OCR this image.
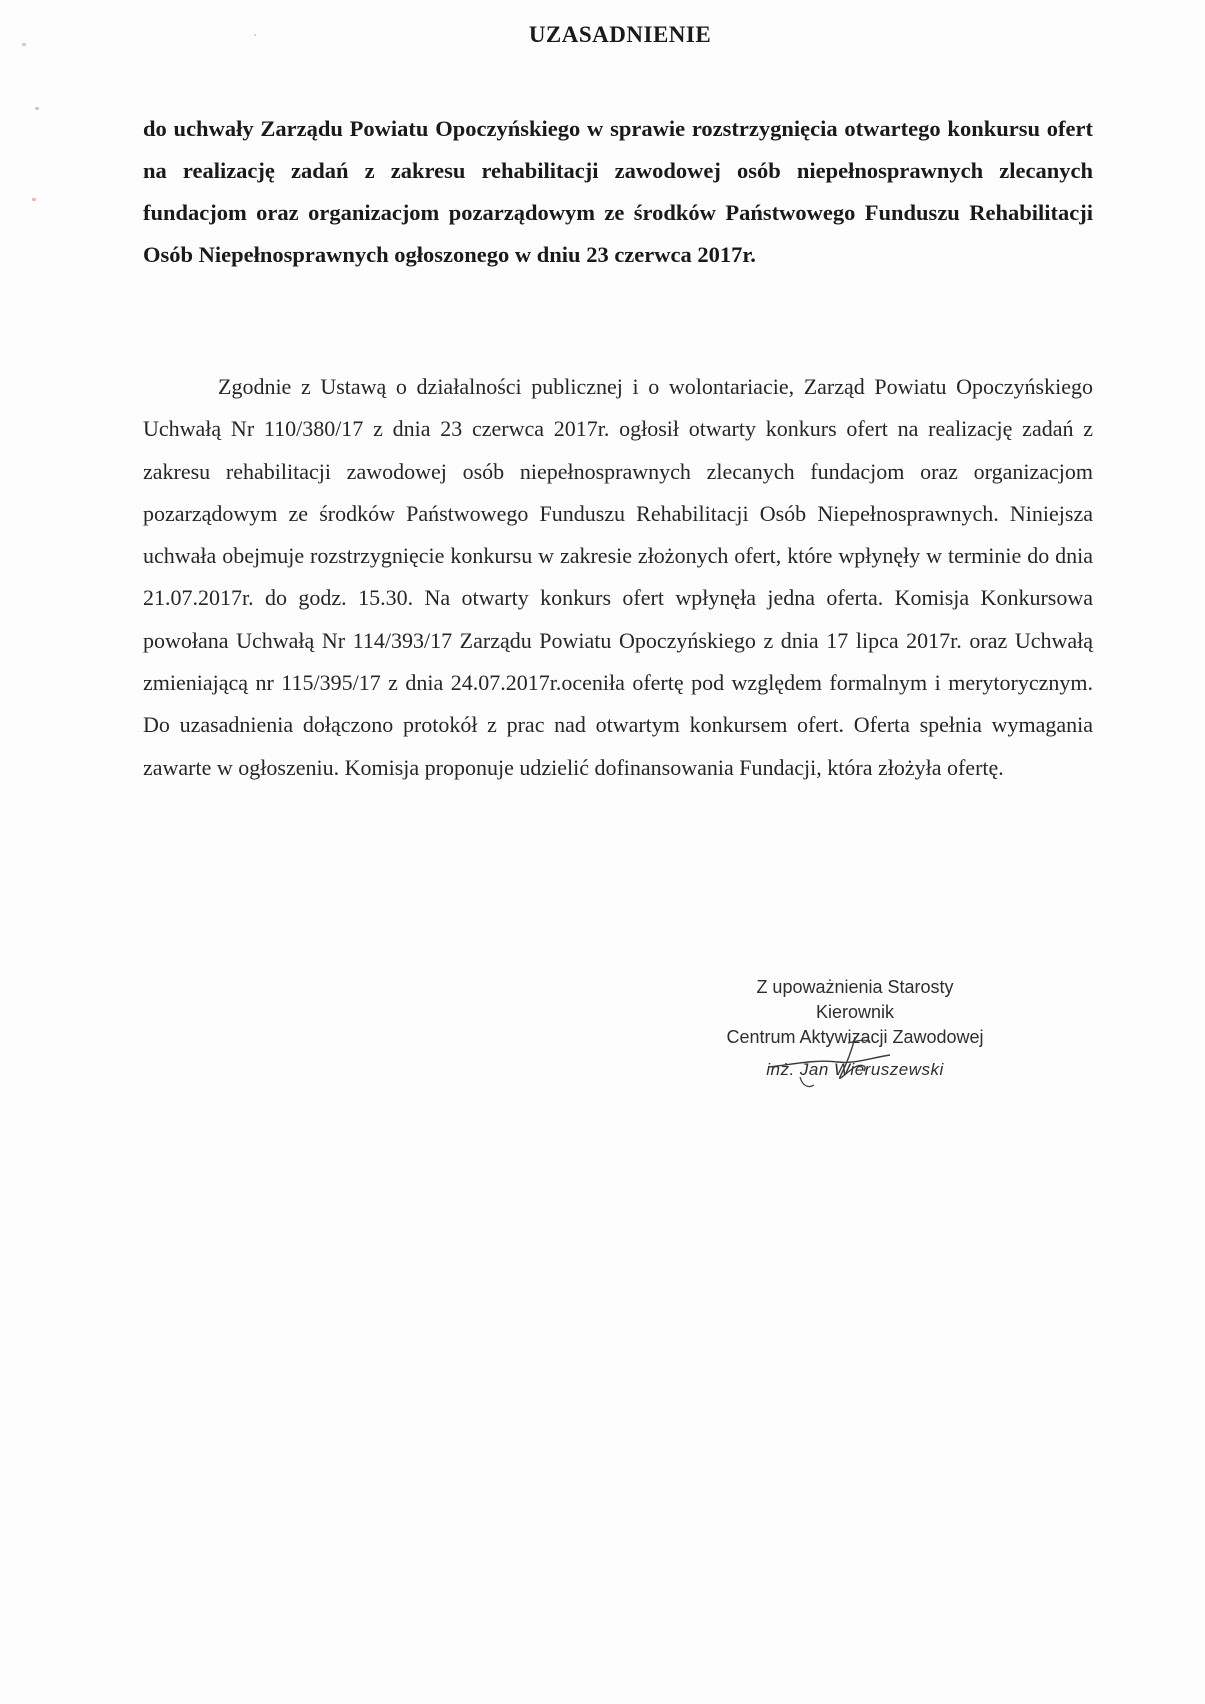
UZASADNIENIE

do uchwały Zarządu Powiatu Opoczyńskiego w sprawie rozstrzygnięcia otwartego konkursu ofert na realizację zadań z zakresu rehabilitacji zawodowej osób niepełnosprawnych zlecanych fundacjom oraz organizacjom pozarządowym ze środków Państwowego Funduszu Rehabilitacji Osób Niepełnosprawnych ogłoszonego w dniu 23 czerwca 2017r.

Zgodnie z Ustawą o działalności publicznej i o wolontariacie, Zarząd Powiatu Opoczyńskiego Uchwałą Nr 110/380/17 z dnia 23 czerwca 2017r. ogłosił otwarty konkurs ofert na realizację zadań z zakresu rehabilitacji zawodowej osób niepełnosprawnych zlecanych fundacjom oraz organizacjom pozarządowym ze środków Państwowego Funduszu Rehabilitacji Osób Niepełnosprawnych. Niniejsza uchwała obejmuje rozstrzygnięcie konkursu w zakresie złożonych ofert, które wpłynęły w terminie do dnia 21.07.2017r. do godz. 15.30. Na otwarty konkurs ofert wpłynęła jedna oferta. Komisja Konkursowa powołana Uchwałą Nr 114/393/17 Zarządu Powiatu Opoczyńskiego z dnia 17 lipca 2017r. oraz Uchwałą zmieniającą nr 115/395/17 z dnia 24.07.2017r.oceniła ofertę pod względem formalnym i merytorycznym. Do uzasadnienia dołączono protokół z prac nad otwartym konkursem ofert. Oferta spełnia wymagania zawarte w ogłoszeniu. Komisja proponuje udzielić dofinansowania Fundacji, która złożyła ofertę.

Z upoważnienia Starosty
Kierownik
Centrum Aktywizacji Zawodowej
inż. Jan Wieruszewski
